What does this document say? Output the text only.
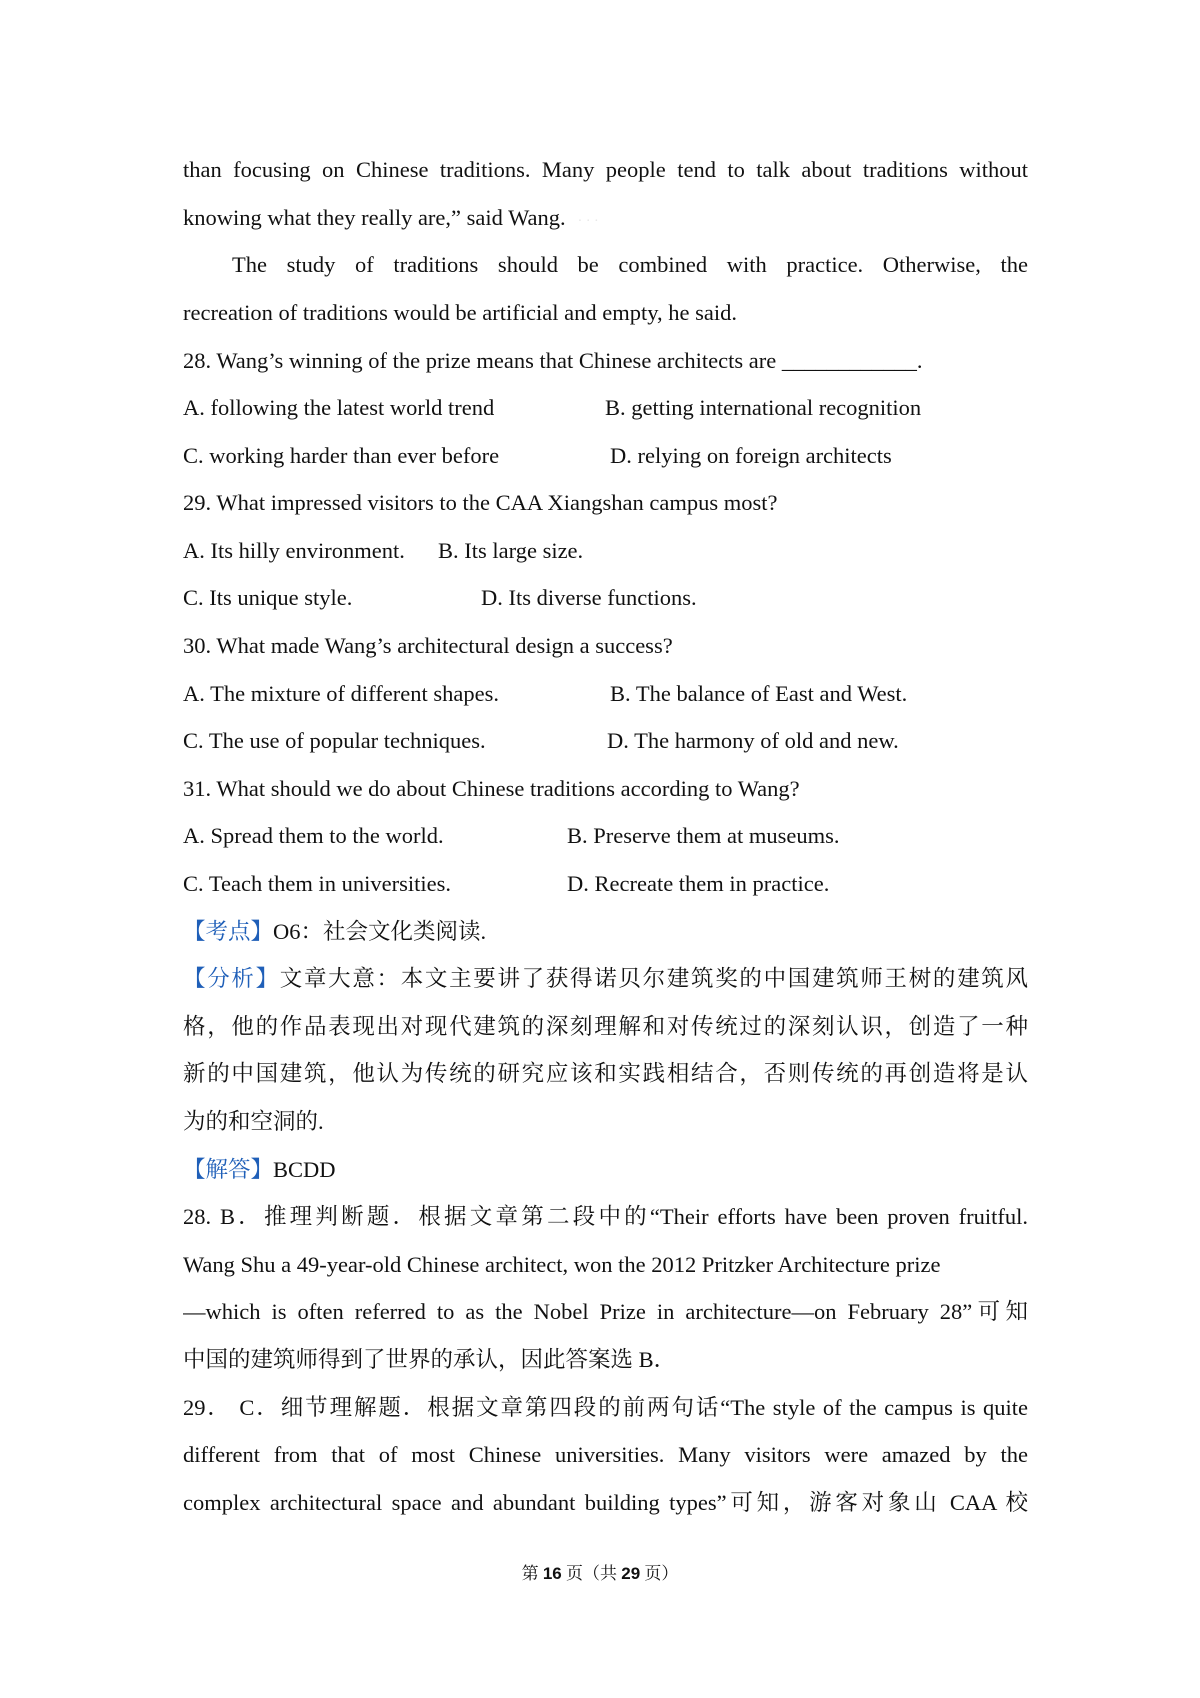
than focusing on Chinese traditions. Many people tend to talk about traditions without
knowing what they really are,” said Wang. · · ·
The study of traditions should be combined with practice. Otherwise, the
recreation of traditions would be artificial and empty, he said.
28. Wang’s winning of the prize means that Chinese architects are ____________.
A. following the latest world trend	B. getting international recognition
C. working harder than ever before	D. relying on foreign architects
29. What impressed visitors to the CAA Xiangshan campus most?
A. Its hilly environment. B. Its large size.
C. Its unique style.	D. Its diverse functions.
30. What made Wang’s architectural design a success?
A. The mixture of different shapes.	B. The balance of East and West.
C. The use of popular techniques.	D. The harmony of old and new.
31. What should we do about Chinese traditions according to Wang?
A. Spread them to the world.	B. Preserve them at museums.
C. Teach them in universities.	D. Recreate them in practice.
【考点】O6：社会文化类阅读.
【分析】文章大意：本文主要讲了获得诺贝尔建筑奖的中国建筑师王树的建筑风
格，他的作品表现出对现代建筑的深刻理解和对传统过的深刻认识，创造了一种
新的中国建筑，他认为传统的研究应该和实践相结合，否则传统的再创造将是认
为的和空洞的.
【解答】BCDD
28. B．推理判断题．根据文章第二段中的“Their efforts have been proven fruitful.
Wang Shu a 49-year-old Chinese architect, won the 2012 Pritzker Architecture prize
—which is often referred to as the Nobel Prize in architecture—on February 28”可知
中国的建筑师得到了世界的承认，因此答案选 B．
29． C．细节理解题．根据文章第四段的前两句话“The style of the campus is quite
different from that of most Chinese universities. Many visitors were amazed by the
complex architectural space and abundant building types”可知，游客对象山 CAA 校
第 16 页（共 29 页）
